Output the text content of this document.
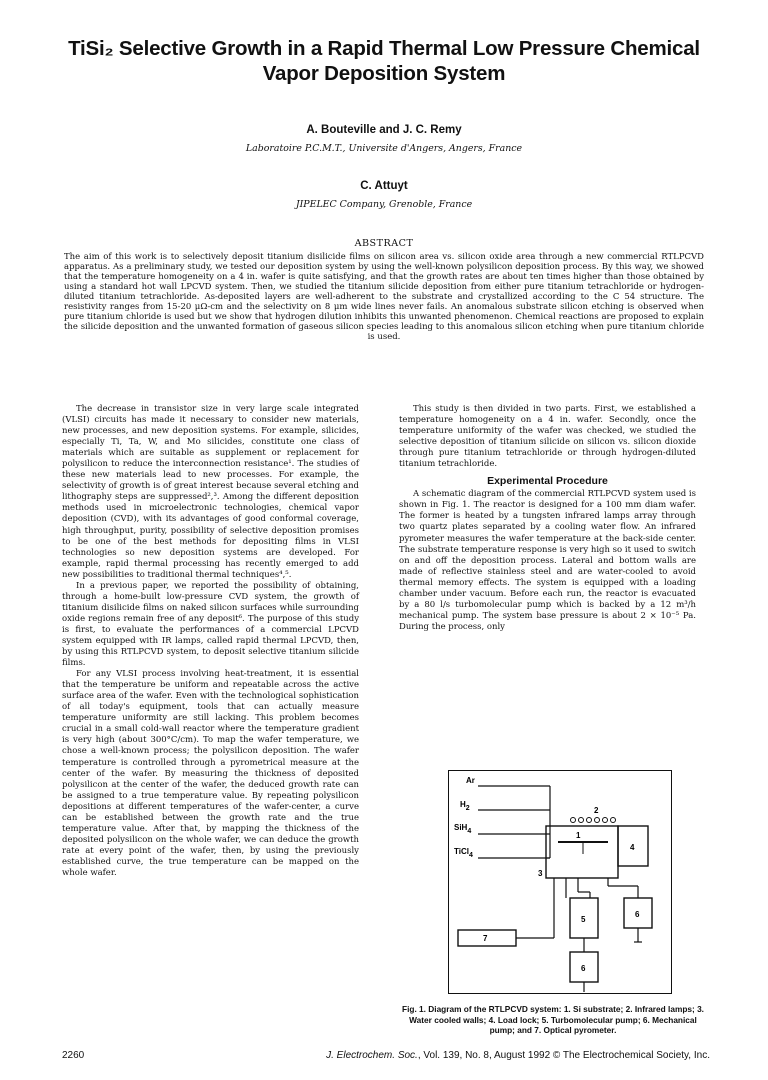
TiSi₂ Selective Growth in a Rapid Thermal Low Pressure Chemical Vapor Deposition System
A. Bouteville and J. C. Remy
Laboratoire P.C.M.T., Universite d'Angers, Angers, France
C. Attuyt
JIPELEC Company, Grenoble, France
ABSTRACT
The aim of this work is to selectively deposit titanium disilicide films on silicon area vs. silicon oxide area through a new commercial RTLPCVD apparatus. As a preliminary study, we tested our deposition system by using the well-known polysilicon deposition process. By this way, we showed that the temperature homogeneity on a 4 in. wafer is quite satisfying, and that the growth rates are about ten times higher than those obtained by using a standard hot wall LPCVD system. Then, we studied the titanium silicide deposition from either pure titanium tetrachloride or hydrogen-diluted titanium tetrachloride. As-deposited layers are well-adherent to the substrate and crystallized according to the C 54 structure. The resistivity ranges from 15-20 μΩ-cm and the selectivity on 8 μm wide lines never fails. An anomalous substrate silicon etching is observed when pure titanium chloride is used but we show that hydrogen dilution inhibits this unwanted phenomenon. Chemical reactions are proposed to explain the silicide deposition and the unwanted formation of gaseous silicon species leading to this anomalous silicon etching when pure titanium chloride is used.

The decrease in transistor size in very large scale integrated (VLSI) circuits has made it necessary to consider new materials, new processes, and new deposition systems. For example, silicides, especially Ti, Ta, W, and Mo silicides, constitute one class of materials which are suitable as supplement or replacement for polysilicon to reduce the interconnection resistance¹. The studies of these new materials lead to new processes. For example, the selectivity of growth is of great interest because several etching and lithography steps are suppressed²,³. Among the different deposition methods used in microelectronic technologies, chemical vapor deposition (CVD), with its advantages of good conformal coverage, high throughput, purity, possibility of selective deposition promises to be one of the best methods for depositing films in VLSI technologies so new deposition systems are developed. For example, rapid thermal processing has recently emerged to add new possibilities to traditional thermal techniques⁴,⁵.

In a previous paper, we reported the possibility of obtaining, through a home-built low-pressure CVD system, the growth of titanium disilicide films on naked silicon surfaces while surrounding oxide regions remain free of any deposit⁶. The purpose of this study is first, to evaluate the performances of a commercial LPCVD system equipped with IR lamps, called rapid thermal LPCVD, then, by using this RTLPCVD system, to deposit selective titanium silicide films.

For any VLSI process involving heat-treatment, it is essential that the temperature be uniform and repeatable across the active surface area of the wafer. Even with the technological sophistication of all today's equipment, tools that can actually measure temperature uniformity are still lacking. This problem becomes crucial in a small cold-wall reactor where the temperature gradient is very high (about 300°C/cm). To map the wafer temperature, we chose a well-known process; the polysilicon deposition. The wafer temperature is controlled through a pyrometrical measure at the center of the wafer. By measuring the thickness of deposited polysilicon at the center of the wafer, the deduced growth rate can be assigned to a true temperature value. By repeating polysilicon depositions at different temperatures of the wafer-center, a curve can be established between the growth rate and the true temperature value. After that, by mapping the thickness of the deposited polysilicon on the whole wafer, we can deduce the growth rate at every point of the wafer, then, by using the previously established curve, the true temperature can be mapped on the whole wafer.

This study is then divided in two parts. First, we established a temperature homogeneity on a 4 in. wafer. Secondly, once the temperature uniformity of the wafer was checked, we studied the selective deposition of titanium silicide on silicon vs. silicon dioxide through pure titanium tetrachloride or through hydrogen-diluted titanium tetrachloride.

Experimental Procedure

A schematic diagram of the commercial RTLPCVD system used is shown in Fig. 1. The reactor is designed for a 100 mm diam wafer. The former is heated by a tungsten infrared lamps array through two quartz plates separated by a cooling water flow. An infrared pyrometer measures the wafer temperature at the back-side center. The substrate temperature response is very high so it used to switch on and off the deposition process. Lateral and bottom walls are made of reflective stainless steel and are water-cooled to avoid thermal memory effects. The system is equipped with a loading chamber under vacuum. Before each run, the reactor is evacuated by a 80 l/s turbomolecular pump which is backed by a 12 m³/h mechanical pump. The system base pressure is about 2 × 10⁻⁵ Pa. During the process, only

Ar
H2
SiH4
TiCl4
2
3
1
4
5
6
7
6
Fig. 1. Diagram of the RTLPCVD system: 1. Si substrate; 2. Infrared lamps; 3. Water cooled walls; 4. Load lock; 5. Turbomolecular pump; 6. Mechanical pump; and 7. Optical pyrometer.
2260	J. Electrochem. Soc., Vol. 139, No. 8, August 1992 © The Electrochemical Society, Inc.
